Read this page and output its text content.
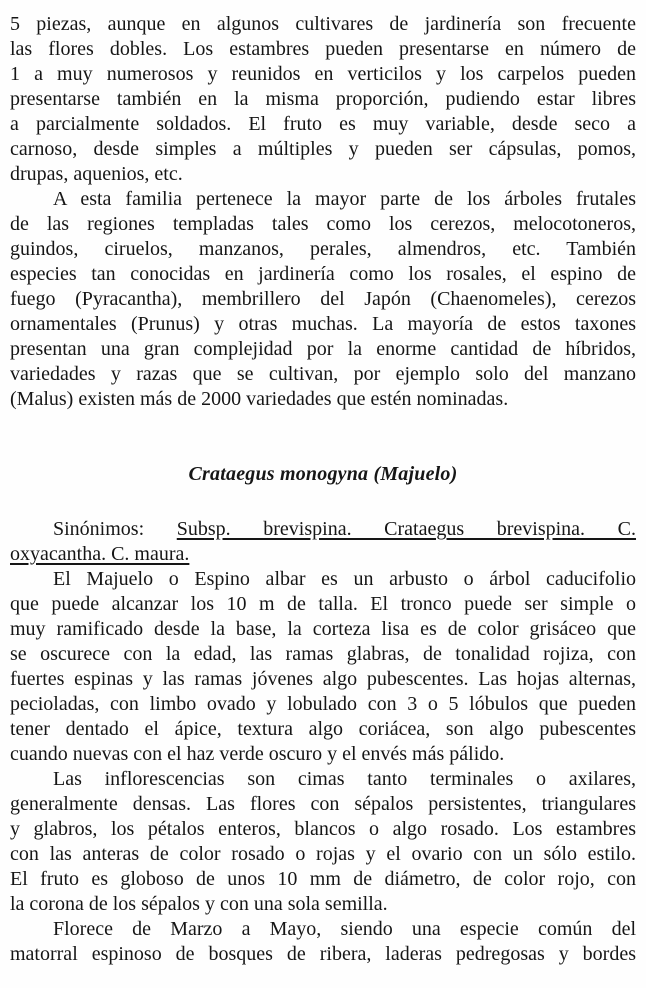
5 piezas, aunque en algunos cultivares de jardinería son frecuente
las flores dobles. Los estambres pueden presentarse en número de
1 a muy numerosos y reunidos en verticilos y los carpelos pueden
presentarse también en la misma proporción, pudiendo estar libres
a parcialmente soldados. El fruto es muy variable, desde seco a
carnoso, desde simples a múltiples y pueden ser cápsulas, pomos,
drupas, aquenios, etc.
A esta familia pertenece la mayor parte de los árboles frutales
de las regiones templadas tales como los cerezos, melocotoneros,
guindos, ciruelos, manzanos, perales, almendros, etc. También
especies tan conocidas en jardinería como los rosales, el espino de
fuego (Pyracantha), membrillero del Japón (Chaenomeles), cerezos
ornamentales (Prunus) y otras muchas. La mayoría de estos taxones
presentan una gran complejidad por la enorme cantidad de híbridos,
variedades y razas que se cultivan, por ejemplo solo del manzano
(Malus) existen más de 2000 variedades que estén nominadas.
Crataegus monogyna (Majuelo)
Sinónimos: Subsp. brevispina. Crataegus brevispina. C.
oxyacantha. C. maura.
El Majuelo o Espino albar es un arbusto o árbol caducifolio
que puede alcanzar los 10 m de talla. El tronco puede ser simple o
muy ramificado desde la base, la corteza lisa es de color grisáceo que
se oscurece con la edad, las ramas glabras, de tonalidad rojiza, con
fuertes espinas y las ramas jóvenes algo pubescentes. Las hojas alternas,
pecioladas, con limbo ovado y lobulado con 3 o 5 lóbulos que pueden
tener dentado el ápice, textura algo coriácea, son algo pubescentes
cuando nuevas con el haz verde oscuro y el envés más pálido.
Las inflorescencias son cimas tanto terminales o axilares,
generalmente densas. Las flores con sépalos persistentes, triangulares
y glabros, los pétalos enteros, blancos o algo rosado. Los estambres
con las anteras de color rosado o rojas y el ovario con un sólo estilo.
El fruto es globoso de unos 10 mm de diámetro, de color rojo, con
la corona de los sépalos y con una sola semilla.
Florece de Marzo a Mayo, siendo una especie común del
matorral espinoso de bosques de ribera, laderas pedregosas y bordes
